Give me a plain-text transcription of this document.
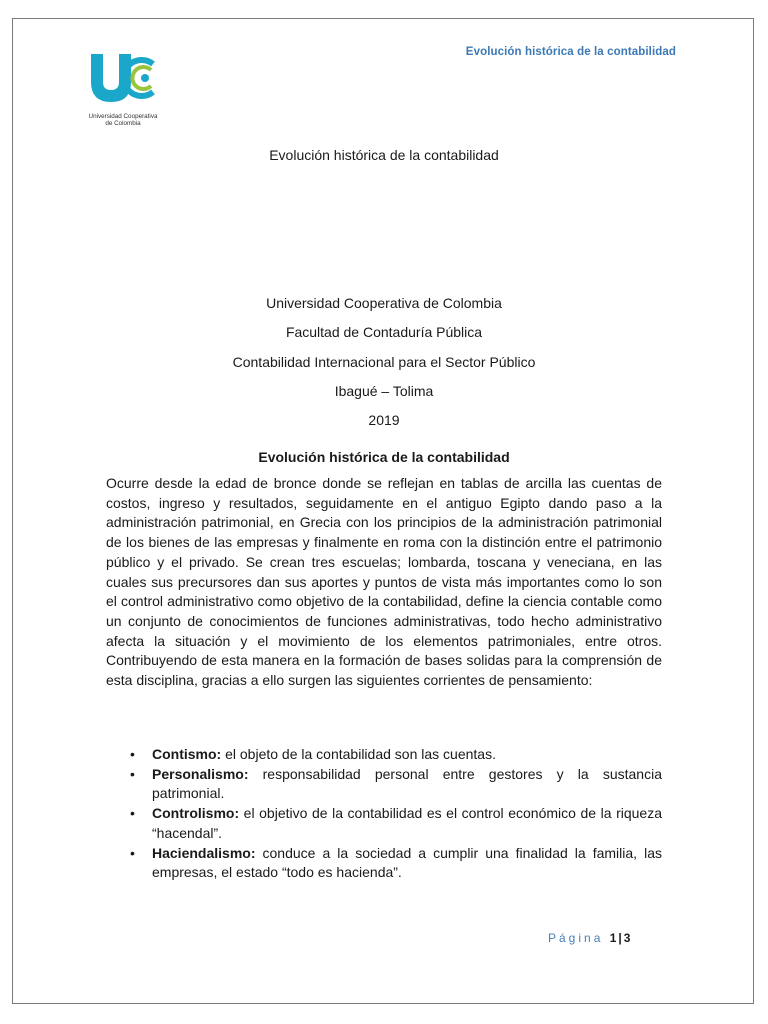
Evolución histórica de la contabilidad
Universidad Cooperativa
de Colombia
Evolución histórica de la contabilidad
Universidad Cooperativa de Colombia
Facultad de Contaduría Pública
Contabilidad Internacional para el Sector Público
Ibagué – Tolima
2019
Evolución histórica de la contabilidad
Ocurre desde la edad de bronce donde se reflejan en tablas de arcilla las cuentas de costos, ingreso y resultados, seguidamente en el antiguo Egipto dando paso a la administración patrimonial, en Grecia con los principios de la administración patrimonial de los bienes de las empresas y finalmente en roma con la distinción entre el patrimonio público y el privado. Se crean tres escuelas; lombarda, toscana y veneciana, en las cuales sus precursores dan sus aportes y puntos de vista más importantes como lo son el control administrativo como objetivo de la contabilidad, define la ciencia contable como un conjunto de conocimientos de funciones administrativas, todo hecho administrativo afecta la situación y el movimiento de los elementos patrimoniales, entre otros. Contribuyendo de esta manera en la formación de bases solidas para la comprensión de esta disciplina, gracias a ello surgen las siguientes corrientes de pensamiento:
• Contismo: el objeto de la contabilidad son las cuentas.
• Personalismo: responsabilidad personal entre gestores y la sustancia patrimonial.
• Controlismo: el objetivo de la contabilidad es el control económico de la riqueza “hacendal”.
• Haciendalismo: conduce a la sociedad a cumplir una finalidad la familia, las empresas, el estado “todo es hacienda”.
Página 1 | 3
